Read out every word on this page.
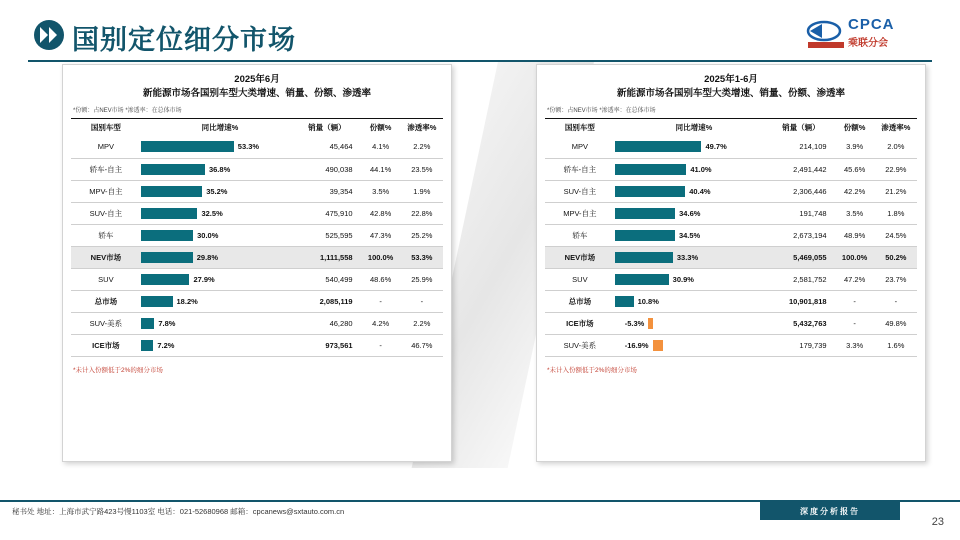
国别定位细分市场
CPCA
乘联分会
2025年6月
新能源市场各国别车型大类增速、销量、份额、渗透率
*份额：占NEV市场 *渗透率：在总体市场
国别车型	同比增速%	销量（辆）	份额%	渗透率%
MPV	53.3%	45,464	4.1%	2.2%
轿车-自主	36.8%	490,038	44.1%	23.5%
MPV-自主	35.2%	39,354	3.5%	1.9%
SUV-自主	32.5%	475,910	42.8%	22.8%
轿车	30.0%	525,595	47.3%	25.2%
NEV市场	29.8%	1,111,558	100.0%	53.3%
SUV	27.9%	540,499	48.6%	25.9%
总市场	18.2%	2,085,119	-	-
SUV-美系	7.8%	46,280	4.2%	2.2%
ICE市场	7.2%	973,561	-	46.7%
*未计入份额低于2%的细分市场
2025年1-6月
新能源市场各国别车型大类增速、销量、份额、渗透率
*份额：占NEV市场 *渗透率：在总体市场
国别车型	同比增速%	销量（辆）	份额%	渗透率%
MPV	49.7%	214,109	3.9%	2.0%
轿车-自主	41.0%	2,491,442	45.6%	22.9%
SUV-自主	40.4%	2,306,446	42.2%	21.2%
MPV-自主	34.6%	191,748	3.5%	1.8%
轿车	34.5%	2,673,194	48.9%	24.5%
NEV市场	33.3%	5,469,055	100.0%	50.2%
SUV	30.9%	2,581,752	47.2%	23.7%
总市场	10.8%	10,901,818	-	-
ICE市场	-5.3%	5,432,763	-	49.8%
SUV-美系	-16.9%	179,739	3.3%	1.6%
*未计入份额低于2%的细分市场
秘书处 地址：上海市武宁路423号慢1103室 电话：021-52680968 邮箱：cpcanews@sxtauto.com.cn	深度分析报告
23
